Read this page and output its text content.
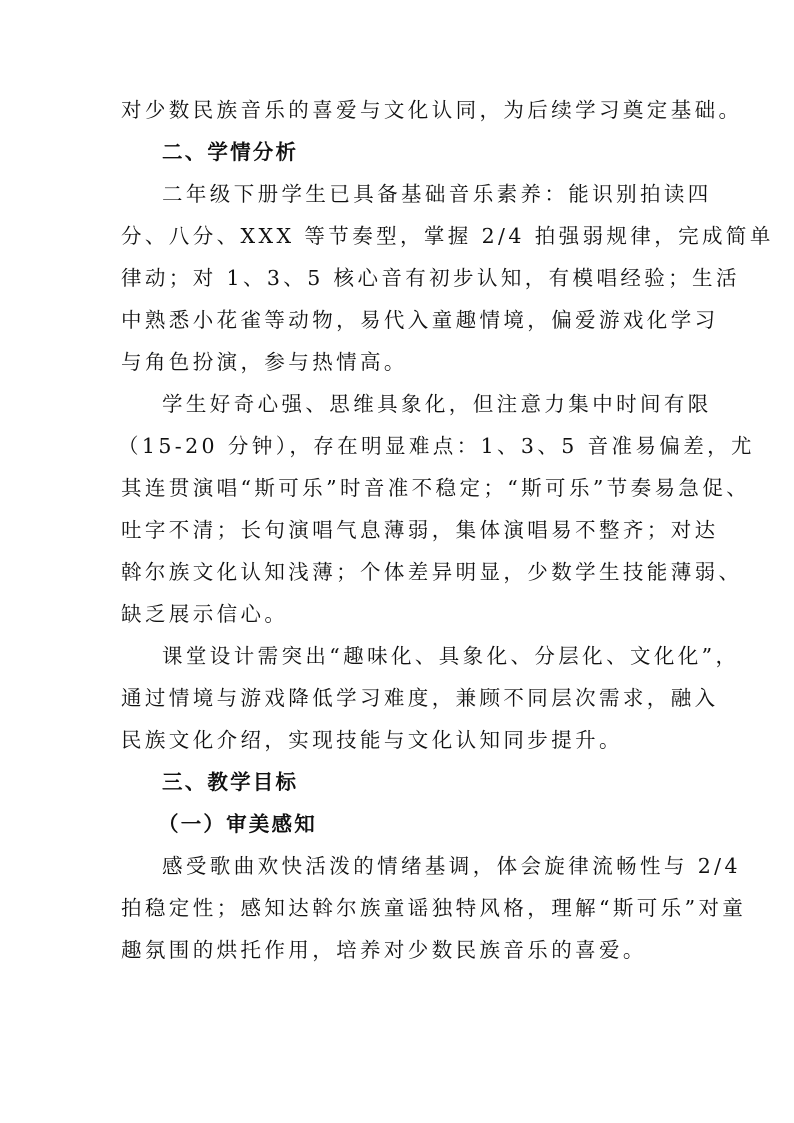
对少数民族音乐的喜爱与文化认同，为后续学习奠定基础。
二、学情分析
二年级下册学生已具备基础音乐素养：能识别拍读四
分、八分、XXX 等节奏型，掌握 2/4 拍强弱规律，完成简单
律动；对 1、3、5 核心音有初步认知，有模唱经验；生活
中熟悉小花雀等动物，易代入童趣情境，偏爱游戏化学习
与角色扮演，参与热情高。
学生好奇心强、思维具象化，但注意力集中时间有限
（15-20 分钟），存在明显难点：1、3、5 音准易偏差，尤
其连贯演唱“斯可乐”时音准不稳定；“斯可乐”节奏易急促、
吐字不清；长句演唱气息薄弱，集体演唱易不整齐；对达
斡尔族文化认知浅薄；个体差异明显，少数学生技能薄弱、
缺乏展示信心。
课堂设计需突出“趣味化、具象化、分层化、文化化”，
通过情境与游戏降低学习难度，兼顾不同层次需求，融入
民族文化介绍，实现技能与文化认知同步提升。
三、教学目标
（一）审美感知
感受歌曲欢快活泼的情绪基调，体会旋律流畅性与 2/4
拍稳定性；感知达斡尔族童谣独特风格，理解“斯可乐”对童
趣氛围的烘托作用，培养对少数民族音乐的喜爱。
